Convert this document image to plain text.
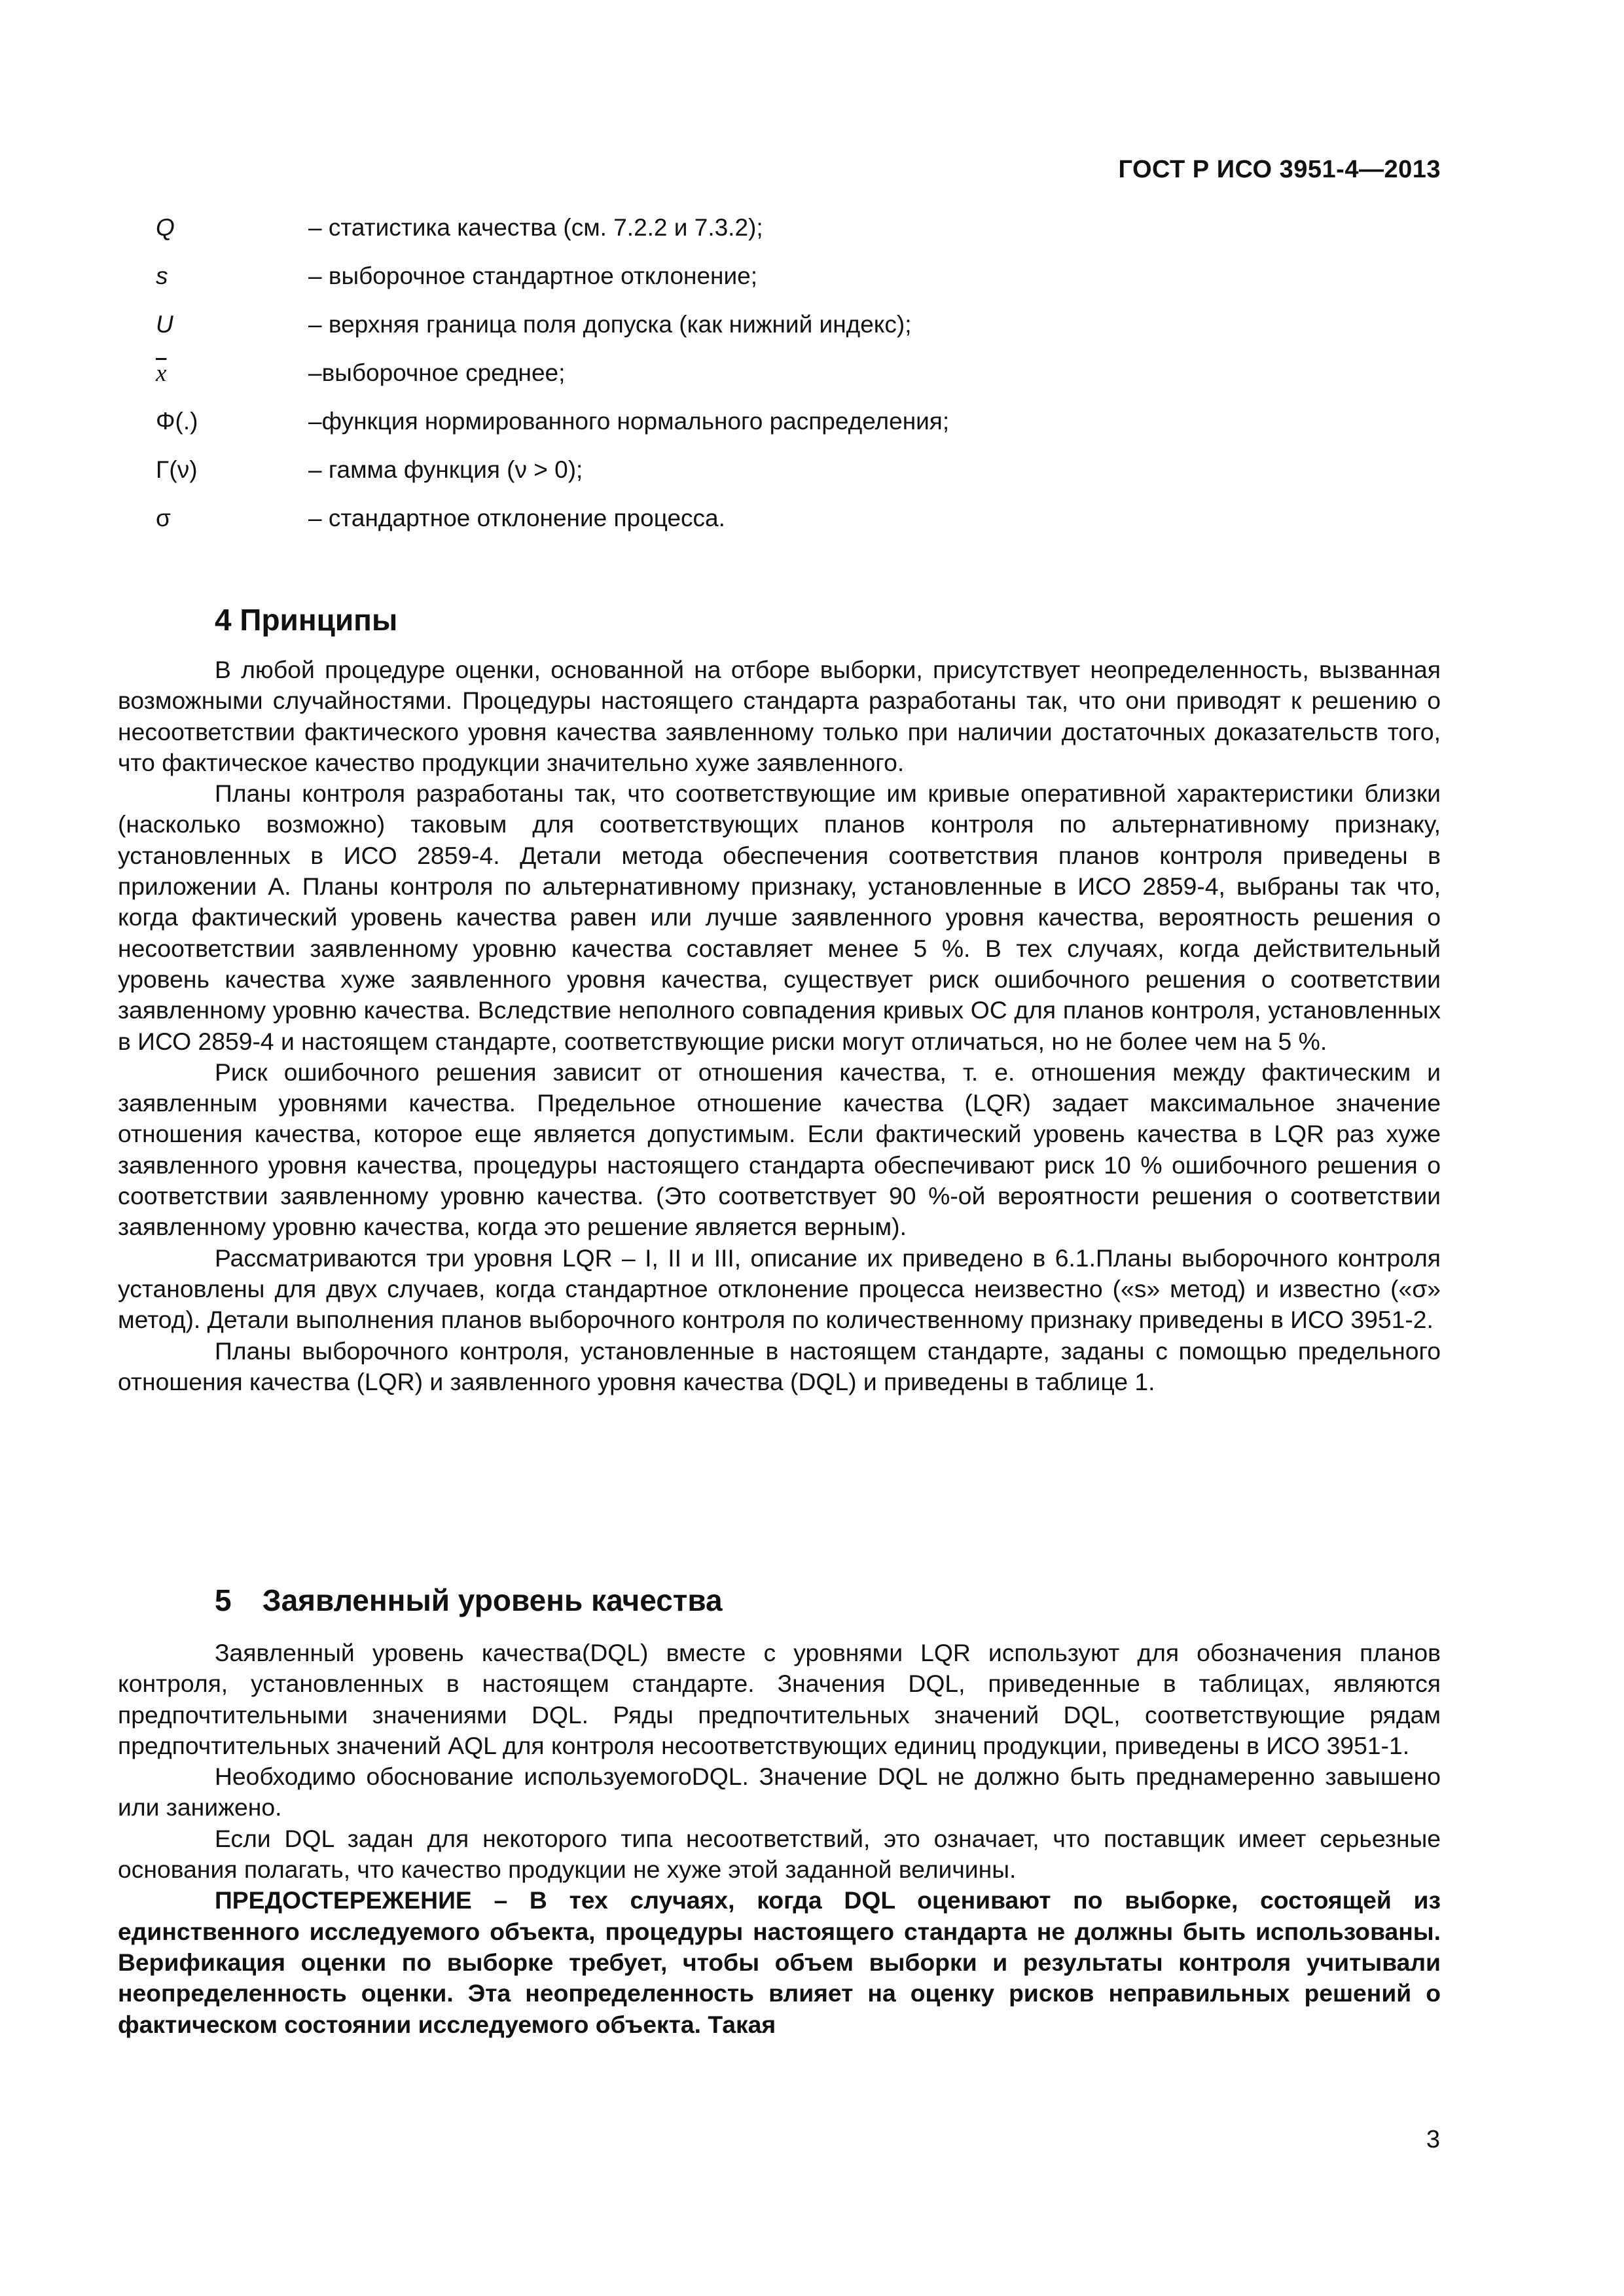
ГОСТ Р ИСО 3951-4—2013
Q	– статистика качества (см. 7.2.2 и 7.3.2);
s	– выборочное стандартное отклонение;
U	– верхняя граница поля допуска (как нижний индекс);
$\overline{x}$	–выборочное среднее;
Φ(.)	–функция нормированного нормального распределения;
Γ(ν)	– гамма функция (ν > 0);
σ	– стандартное отклонение процесса.
4 Принципы

В любой процедуре оценки, основанной на отборе выборки, присутствует неопределенность, вызванная возможными случайностями. Процедуры настоящего стандарта разработаны так, что они приводят к решению о несоответствии фактического уровня качества заявленному только при наличии достаточных доказательств того, что фактическое качество продукции значительно хуже заявленного.

Планы контроля разработаны так, что соответствующие им кривые оперативной характеристики близки (насколько возможно) таковым для соответствующих планов контроля по альтернативному признаку, установленных в ИСО 2859-4. Детали метода обеспечения соответствия планов контроля приведены в приложении А. Планы контроля по альтернативному признаку, установленные в ИСО 2859-4, выбраны так что, когда фактический уровень качества равен или лучше заявленного уровня качества, вероятность решения о несоответствии заявленному уровню качества составляет менее 5 %. В тех случаях, когда действительный уровень качества хуже заявленного уровня качества, существует риск ошибочного решения о соответствии заявленному уровню качества. Вследствие неполного совпадения кривых ОС для планов контроля, установленных в ИСО 2859-4 и настоящем стандарте, соответствующие риски могут отличаться, но не более чем на 5 %.

Риск ошибочного решения зависит от отношения качества, т. е. отношения между фактическим и заявленным уровнями качества. Предельное отношение качества (LQR) задает максимальное значение отношения качества, которое еще является допустимым. Если фактический уровень качества в LQR раз хуже заявленного уровня качества, процедуры настоящего стандарта обеспечивают риск 10 % ошибочного решения о соответствии заявленному уровню качества. (Это соответствует 90 %-ой вероятности решения о соответствии заявленному уровню качества, когда это решение является верным).

Рассматриваются три уровня LQR – I, II и III, описание их приведено в 6.1.Планы выборочного контроля установлены для двух случаев, когда стандартное отклонение процесса неизвестно («s» метод) и известно («σ» метод). Детали выполнения планов выборочного контроля по количественному признаку приведены в ИСО 3951-2.

Планы выборочного контроля, установленные в настоящем стандарте, заданы с помощью предельного отношения качества (LQR) и заявленного уровня качества (DQL) и приведены в таблице 1.

5 Заявленный уровень качества

Заявленный уровень качества(DQL) вместе с уровнями LQR используют для обозначения планов контроля, установленных в настоящем стандарте. Значения DQL, приведенные в таблицах, являются предпочтительными значениями DQL. Ряды предпочтительных значений DQL, соответствующие рядам предпочтительных значений AQL для контроля несоответствующих единиц продукции, приведены в ИСО 3951-1.

Необходимо обоснование используемогоDQL. Значение DQL не должно быть преднамеренно завышено или занижено.

Если DQL задан для некоторого типа несоответствий, это означает, что поставщик имеет серьезные основания полагать, что качество продукции не хуже этой заданной величины.

ПРЕДОСТЕРЕЖЕНИЕ – В тех случаях, когда DQL оценивают по выборке, состоящей из единственного исследуемого объекта, процедуры настоящего стандарта не должны быть использованы. Верификация оценки по выборке требует, чтобы объем выборки и результаты контроля учитывали неопределенность оценки. Эта неопределенность влияет на оценку рисков неправильных решений о фактическом состоянии исследуемого объекта. Такая

3
